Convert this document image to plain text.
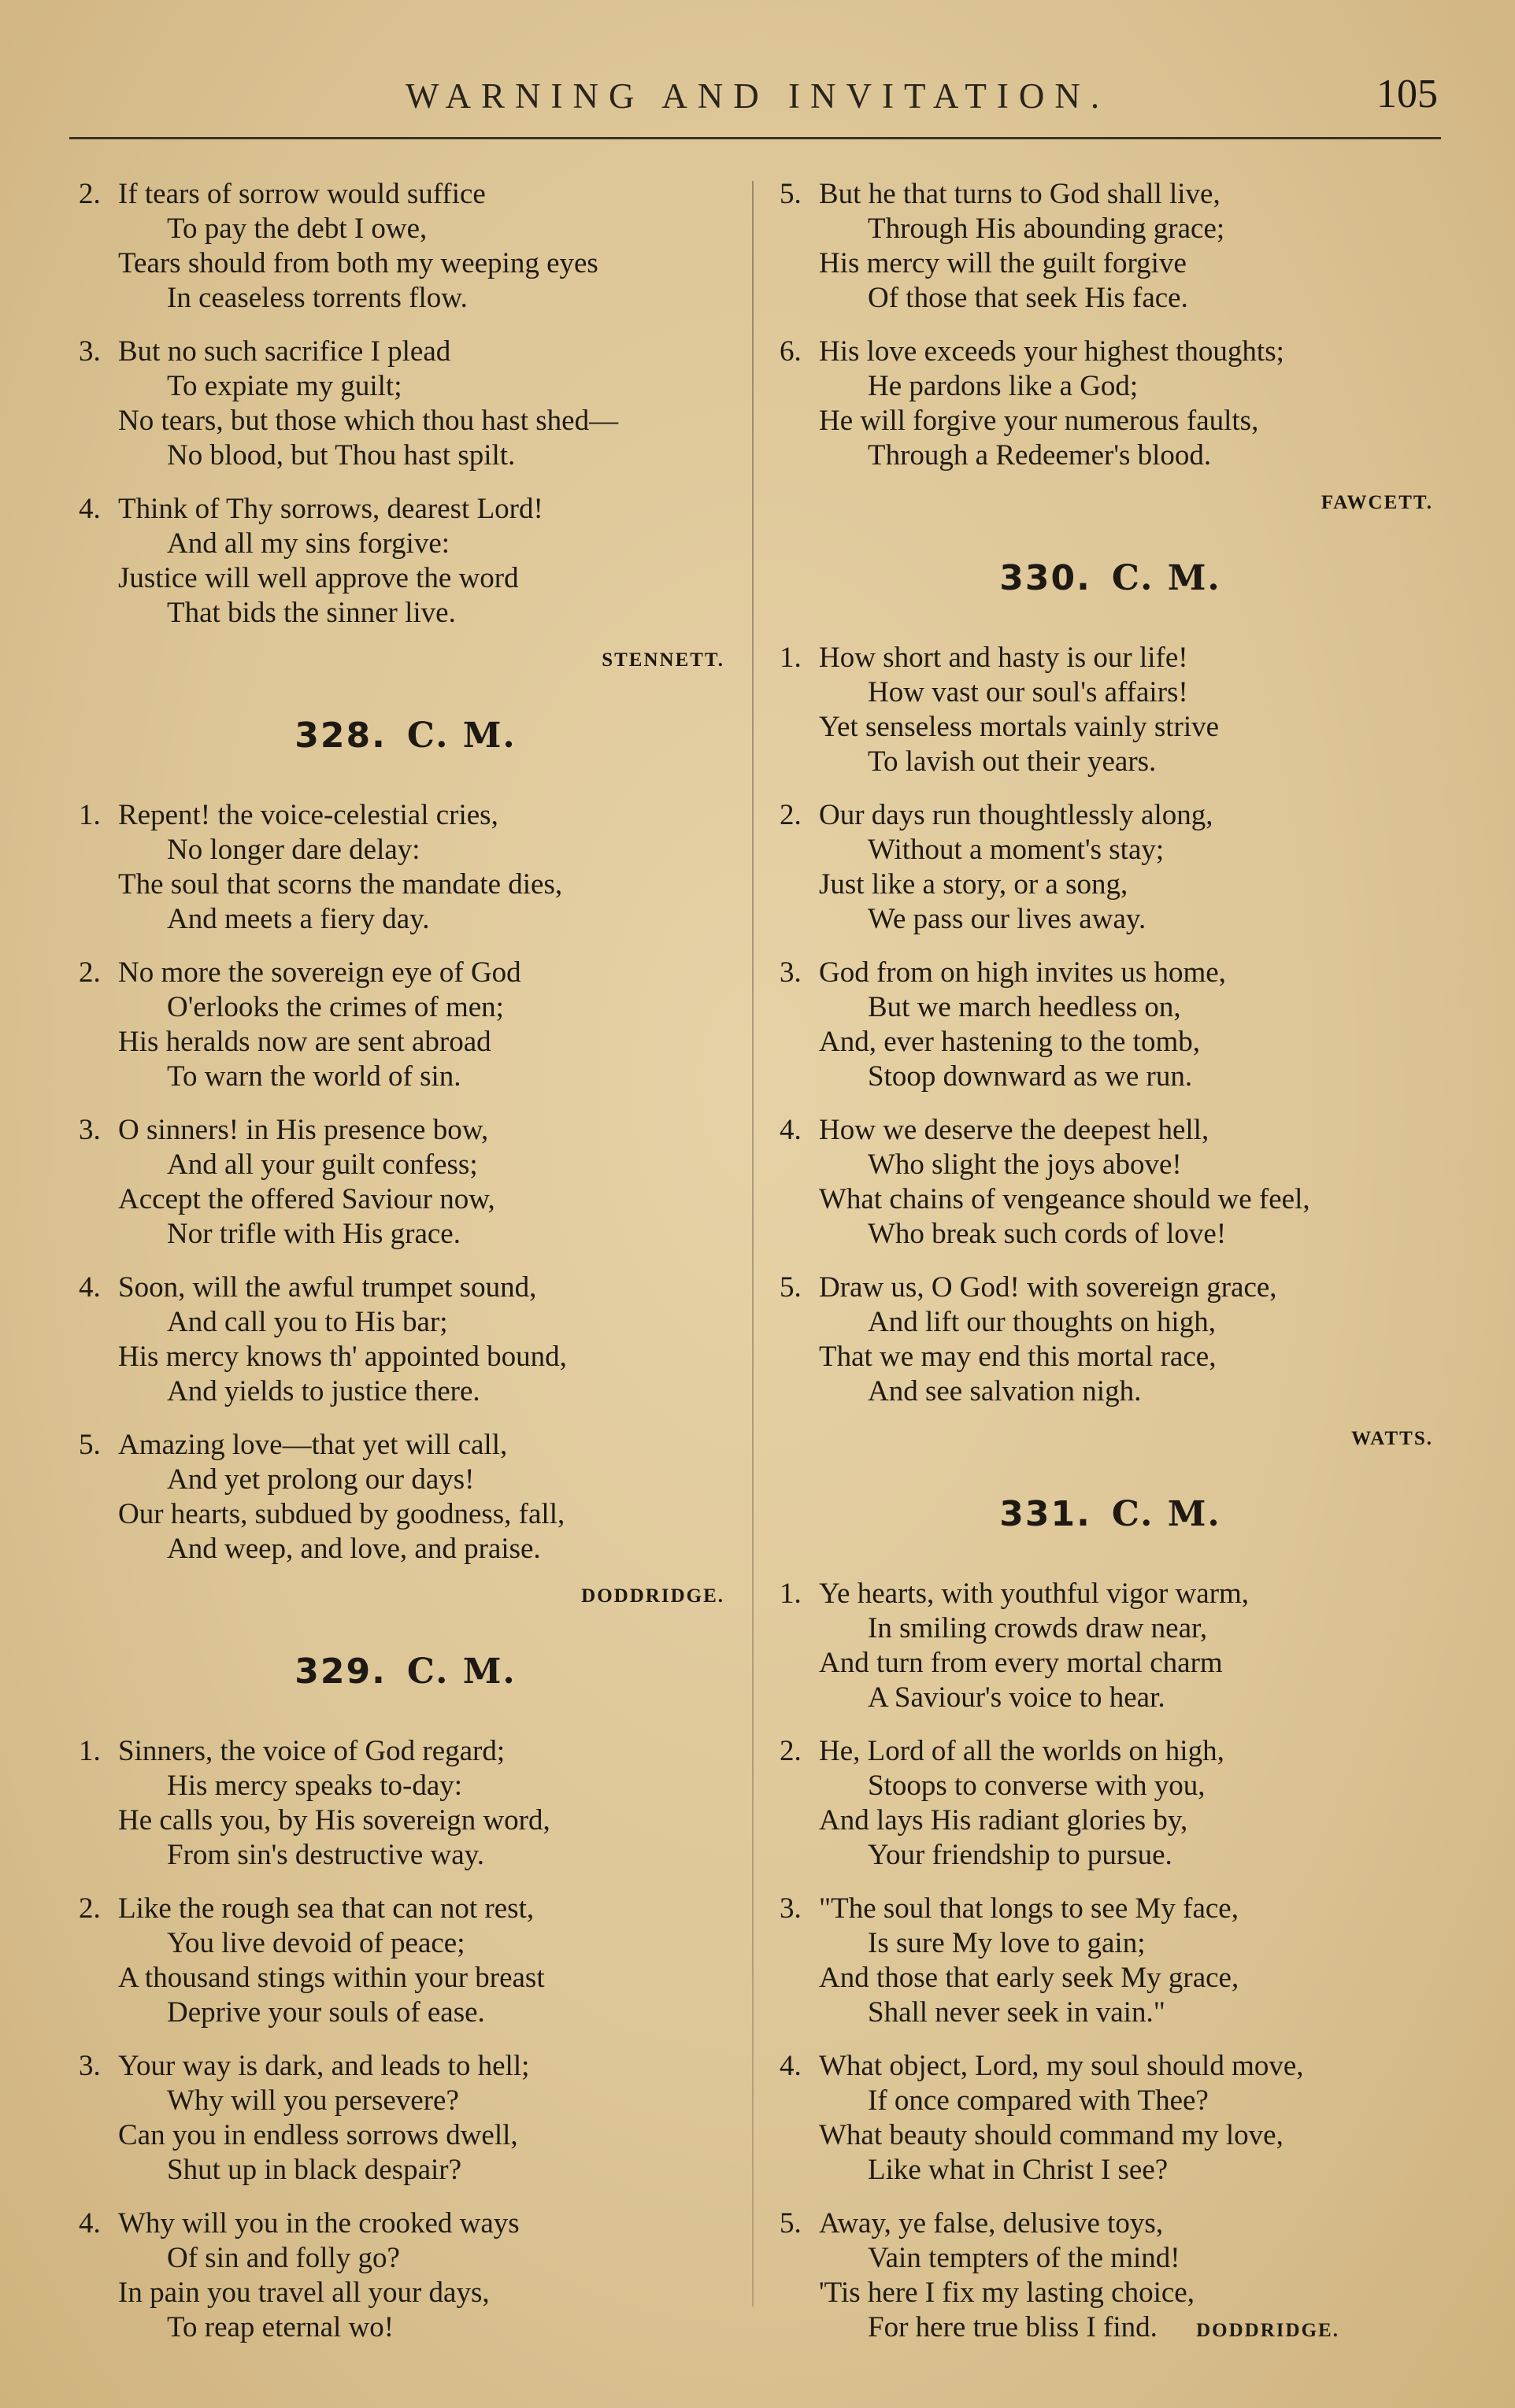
WARNING AND INVITATION.	105
2. If tears of sorrow would suffice
To pay the debt I owe,
Tears should from both my weeping eyes
In ceaseless torrents flow.
3. But no such sacrifice I plead
To expiate my guilt;
No tears, but those which thou hast shed—
No blood, but Thou hast spilt.
4. Think of Thy sorrows, dearest Lord!
And all my sins forgive:
Justice will well approve the word
That bids the sinner live.
STENNETT.
328. C. M.
1. Repent! the voice-celestial cries,
No longer dare delay:
The soul that scorns the mandate dies,
And meets a fiery day.
2. No more the sovereign eye of God
O'erlooks the crimes of men;
His heralds now are sent abroad
To warn the world of sin.
3. O sinners! in His presence bow,
And all your guilt confess;
Accept the offered Saviour now,
Nor trifle with His grace.
4. Soon, will the awful trumpet sound,
And call you to His bar;
His mercy knows th' appointed bound,
And yields to justice there.
5. Amazing love—that yet will call,
And yet prolong our days!
Our hearts, subdued by goodness, fall,
And weep, and love, and praise.
DODDRIDGE.
329. C. M.
1. Sinners, the voice of God regard;
His mercy speaks to-day:
He calls you, by His sovereign word,
From sin's destructive way.
2. Like the rough sea that can not rest,
You live devoid of peace;
A thousand stings within your breast
Deprive your souls of ease.
3. Your way is dark, and leads to hell;
Why will you persevere?
Can you in endless sorrows dwell,
Shut up in black despair?
4. Why will you in the crooked ways
Of sin and folly go?
In pain you travel all your days,
To reap eternal wo!
5. But he that turns to God shall live,
Through His abounding grace;
His mercy will the guilt forgive
Of those that seek His face.
6. His love exceeds your highest thoughts;
He pardons like a God;
He will forgive your numerous faults,
Through a Redeemer's blood.
FAWCETT.
330. C. M.
1. How short and hasty is our life!
How vast our soul's affairs!
Yet senseless mortals vainly strive
To lavish out their years.
2. Our days run thoughtlessly along,
Without a moment's stay;
Just like a story, or a song,
We pass our lives away.
3. God from on high invites us home,
But we march heedless on,
And, ever hastening to the tomb,
Stoop downward as we run.
4. How we deserve the deepest hell,
Who slight the joys above!
What chains of vengeance should we feel,
Who break such cords of love!
5. Draw us, O God! with sovereign grace,
And lift our thoughts on high,
That we may end this mortal race,
And see salvation nigh.
WATTS.
331. C. M.
1. Ye hearts, with youthful vigor warm,
In smiling crowds draw near,
And turn from every mortal charm
A Saviour's voice to hear.
2. He, Lord of all the worlds on high,
Stoops to converse with you,
And lays His radiant glories by,
Your friendship to pursue.
3. "The soul that longs to see My face,
Is sure My love to gain;
And those that early seek My grace,
Shall never seek in vain."
4. What object, Lord, my soul should move,
If once compared with Thee?
What beauty should command my love,
Like what in Christ I see?
5. Away, ye false, delusive toys,
Vain tempters of the mind!
'Tis here I fix my lasting choice,
For here true bliss I find. DODDRIDGE.
